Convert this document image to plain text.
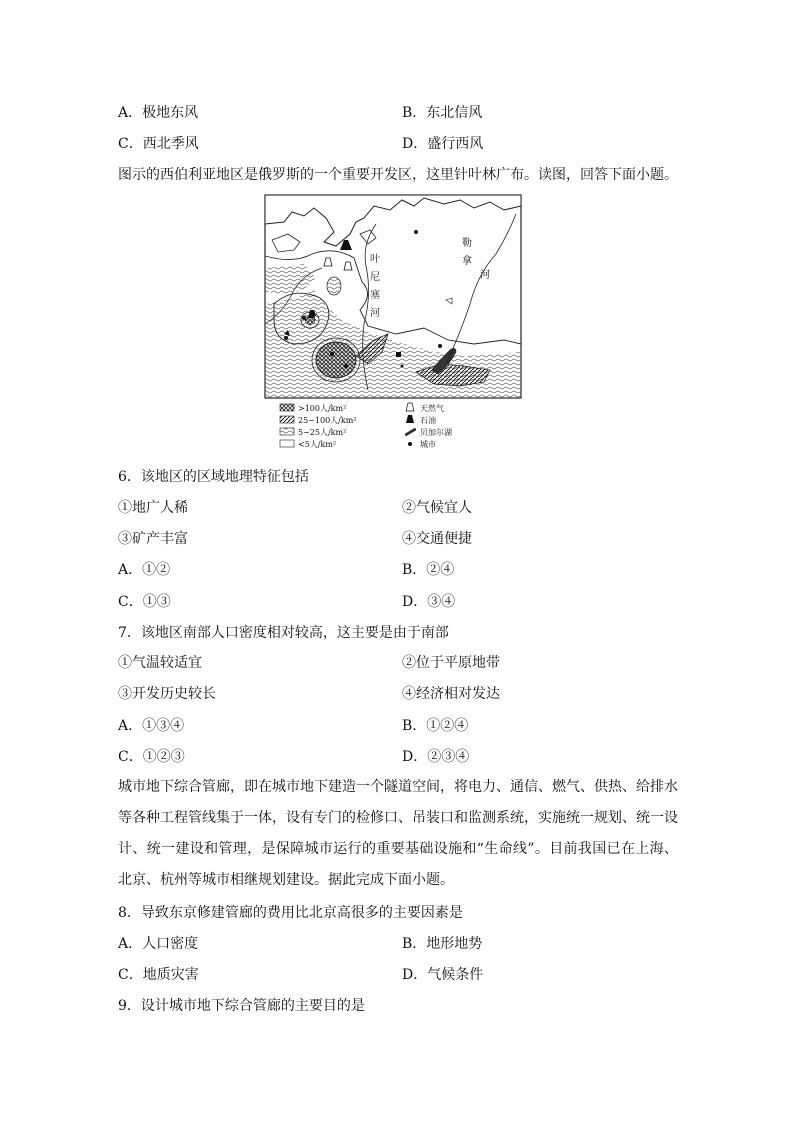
A．极地东风	B．东北信风
C．西北季风	D．盛行西风
图示的西伯利亚地区是俄罗斯的一个重要开发区，这里针叶林广布。读图，回答下面小题。
叶
尼
塞
河
勒
拿
河
>100人/km²
25~100人/km²
5~25人/km²
<5人/km²
天然气
石油
贝加尔湖
城市
6．该地区的区域地理特征包括
①地广人稀	②气候宜人
③矿产丰富	④交通便捷
A．①②	B．②④
C．①③	D．③④
7．该地区南部人口密度相对较高，这主要是由于南部
①气温较适宜	②位于平原地带
③开发历史较长	④经济相对发达
A．①③④	B．①②④
C．①②③	D．②③④
城市地下综合管廊，即在城市地下建造一个隧道空间，将电力、通信、燃气、供热、给排水等各种工程管线集于一体，设有专门的检修口、吊装口和监测系统，实施统一规划、统一设计、统一建设和管理，是保障城市运行的重要基础设施和“生命线”。目前我国已在上海、北京、杭州等城市相继规划建设。据此完成下面小题。
8．导致东京修建管廊的费用比北京高很多的主要因素是
A．人口密度	B．地形地势
C．地质灾害	D．气候条件
9．设计城市地下综合管廊的主要目的是
